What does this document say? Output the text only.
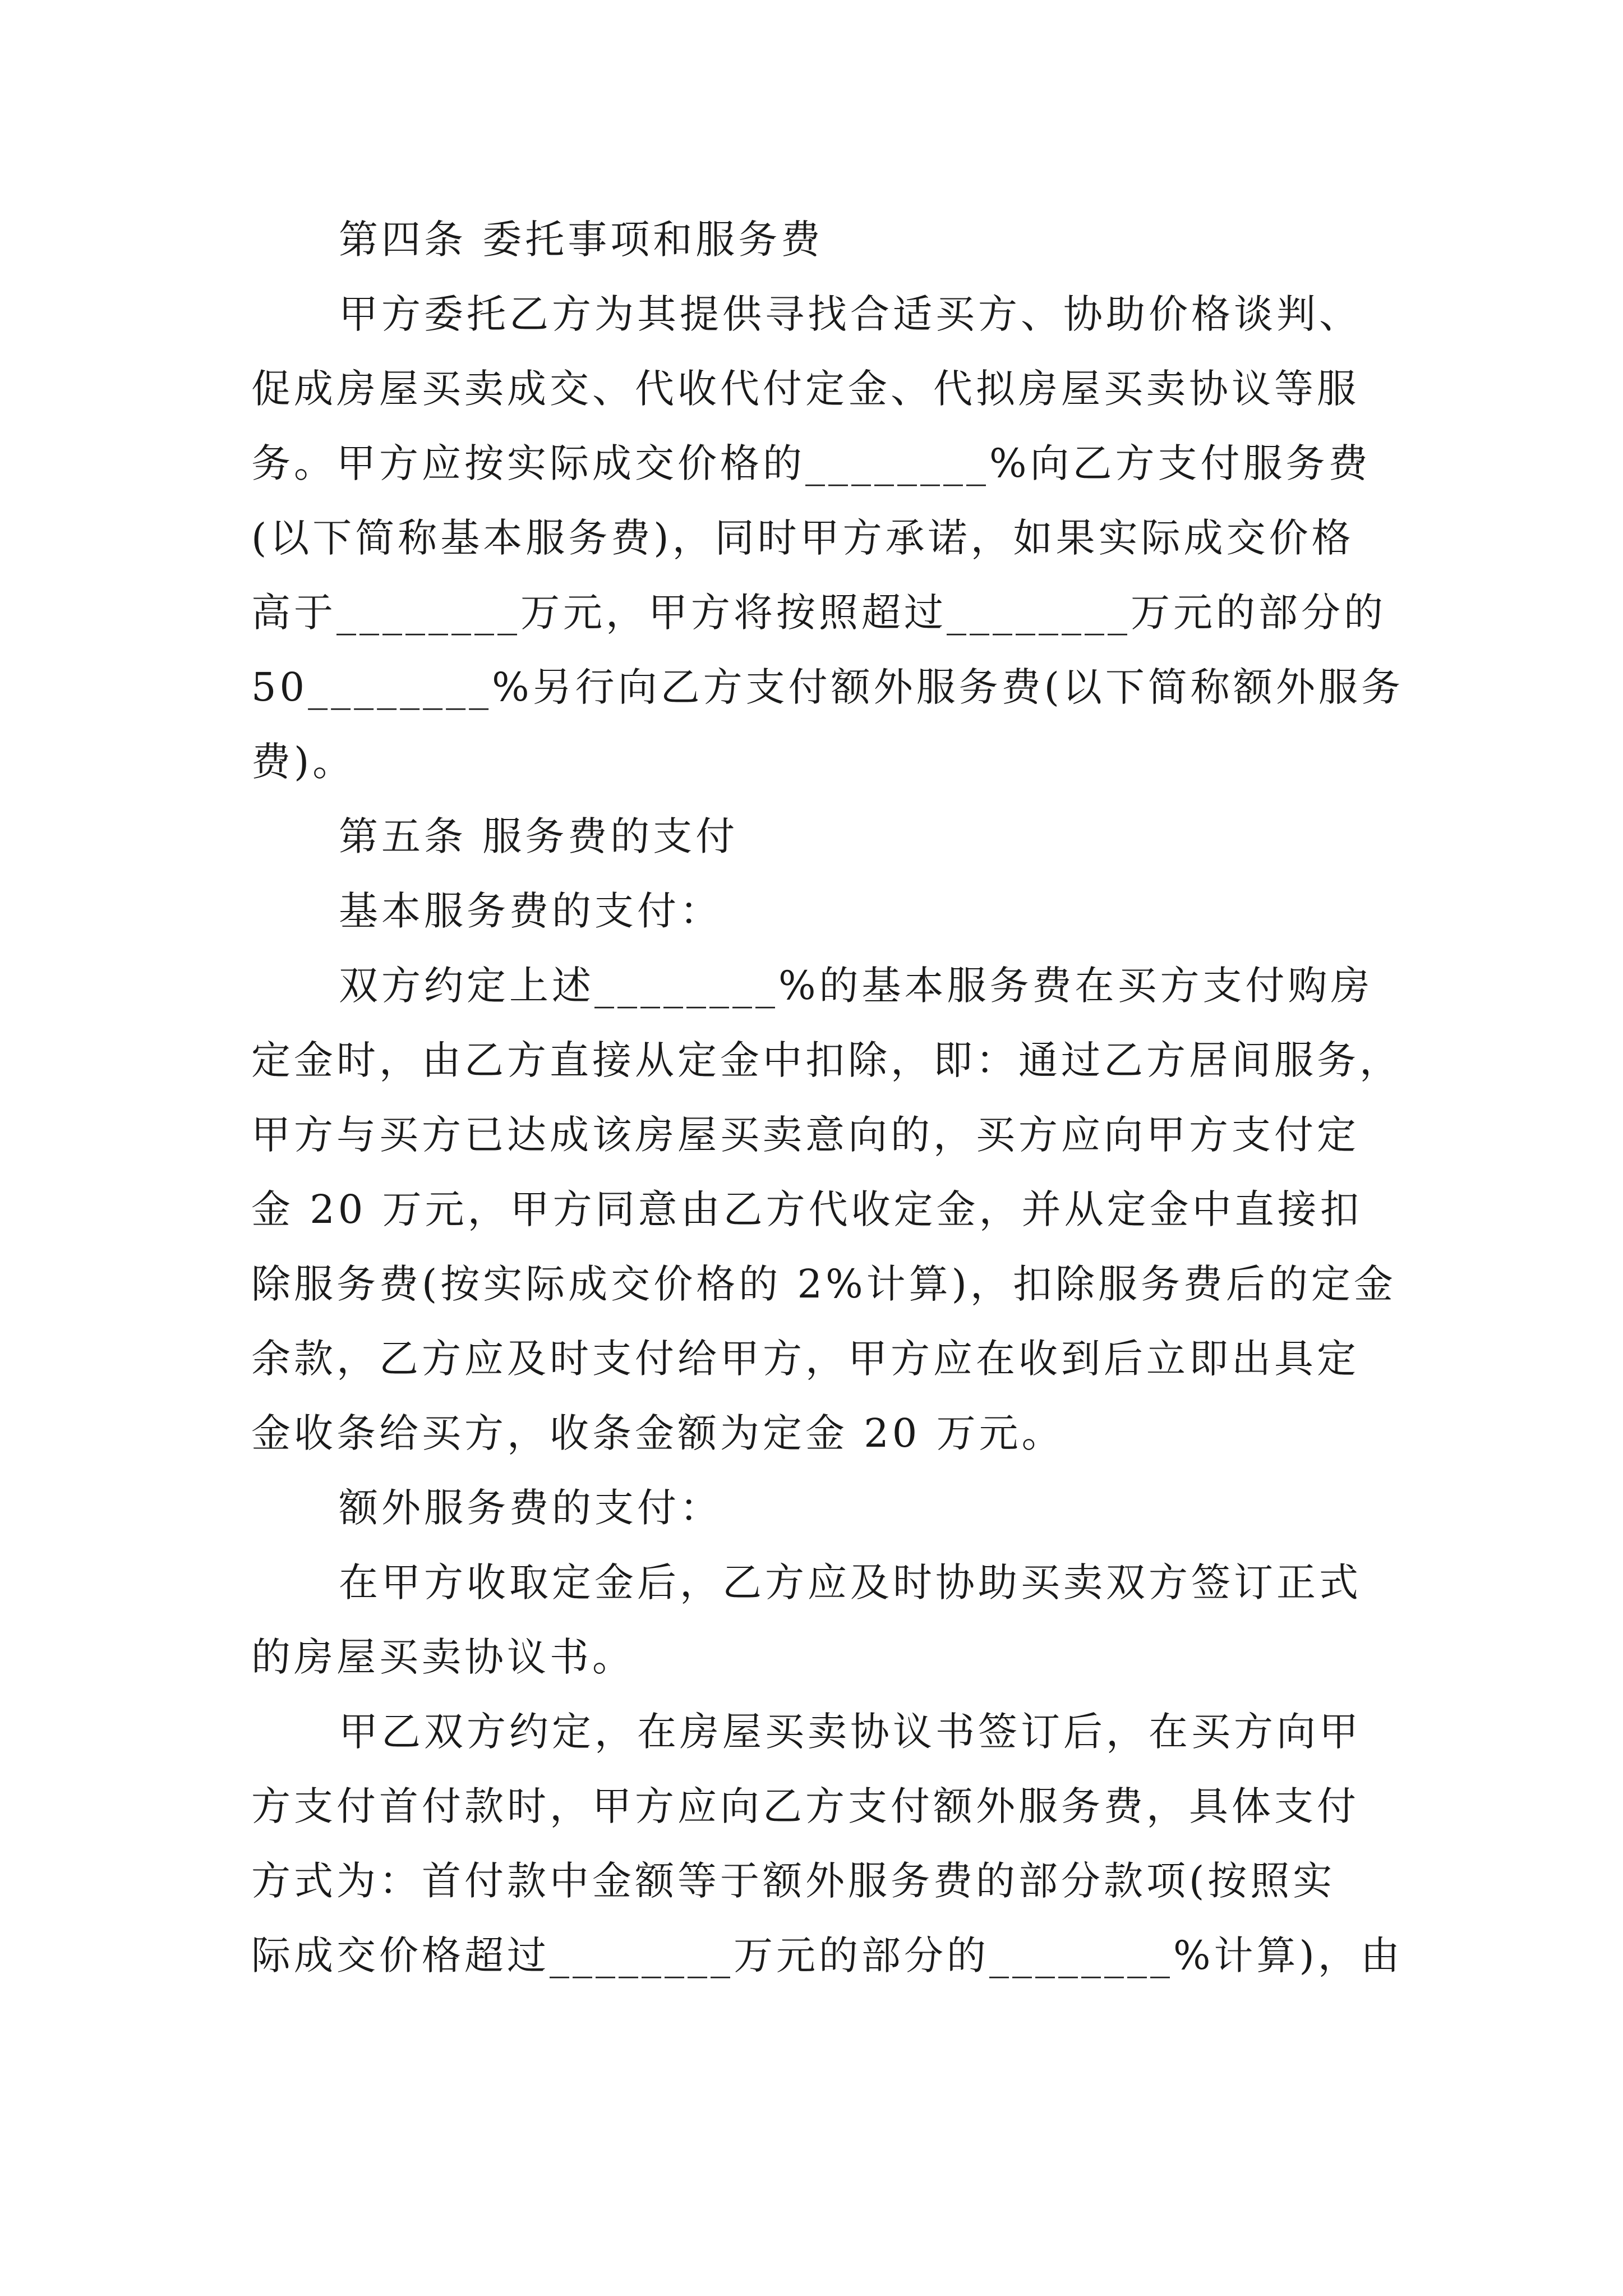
第四条 委托事项和服务费
甲方委托乙方为其提供寻找合适买方、协助价格谈判、
促成房屋买卖成交、代收代付定金、代拟房屋买卖协议等服
务。甲方应按实际成交价格的________%向乙方支付服务费
(以下简称基本服务费)，同时甲方承诺，如果实际成交价格
高于________万元，甲方将按照超过________万元的部分的
50________%另行向乙方支付额外服务费(以下简称额外服务
费)。
第五条 服务费的支付
基本服务费的支付：
双方约定上述________%的基本服务费在买方支付购房
定金时，由乙方直接从定金中扣除，即：通过乙方居间服务，
甲方与买方已达成该房屋买卖意向的，买方应向甲方支付定
金 20 万元，甲方同意由乙方代收定金，并从定金中直接扣
除服务费(按实际成交价格的 2%计算)，扣除服务费后的定金
余款，乙方应及时支付给甲方，甲方应在收到后立即出具定
金收条给买方，收条金额为定金 20 万元。
额外服务费的支付：
在甲方收取定金后，乙方应及时协助买卖双方签订正式
的房屋买卖协议书。
甲乙双方约定，在房屋买卖协议书签订后，在买方向甲
方支付首付款时，甲方应向乙方支付额外服务费，具体支付
方式为：首付款中金额等于额外服务费的部分款项(按照实
际成交价格超过________万元的部分的________%计算)，由
